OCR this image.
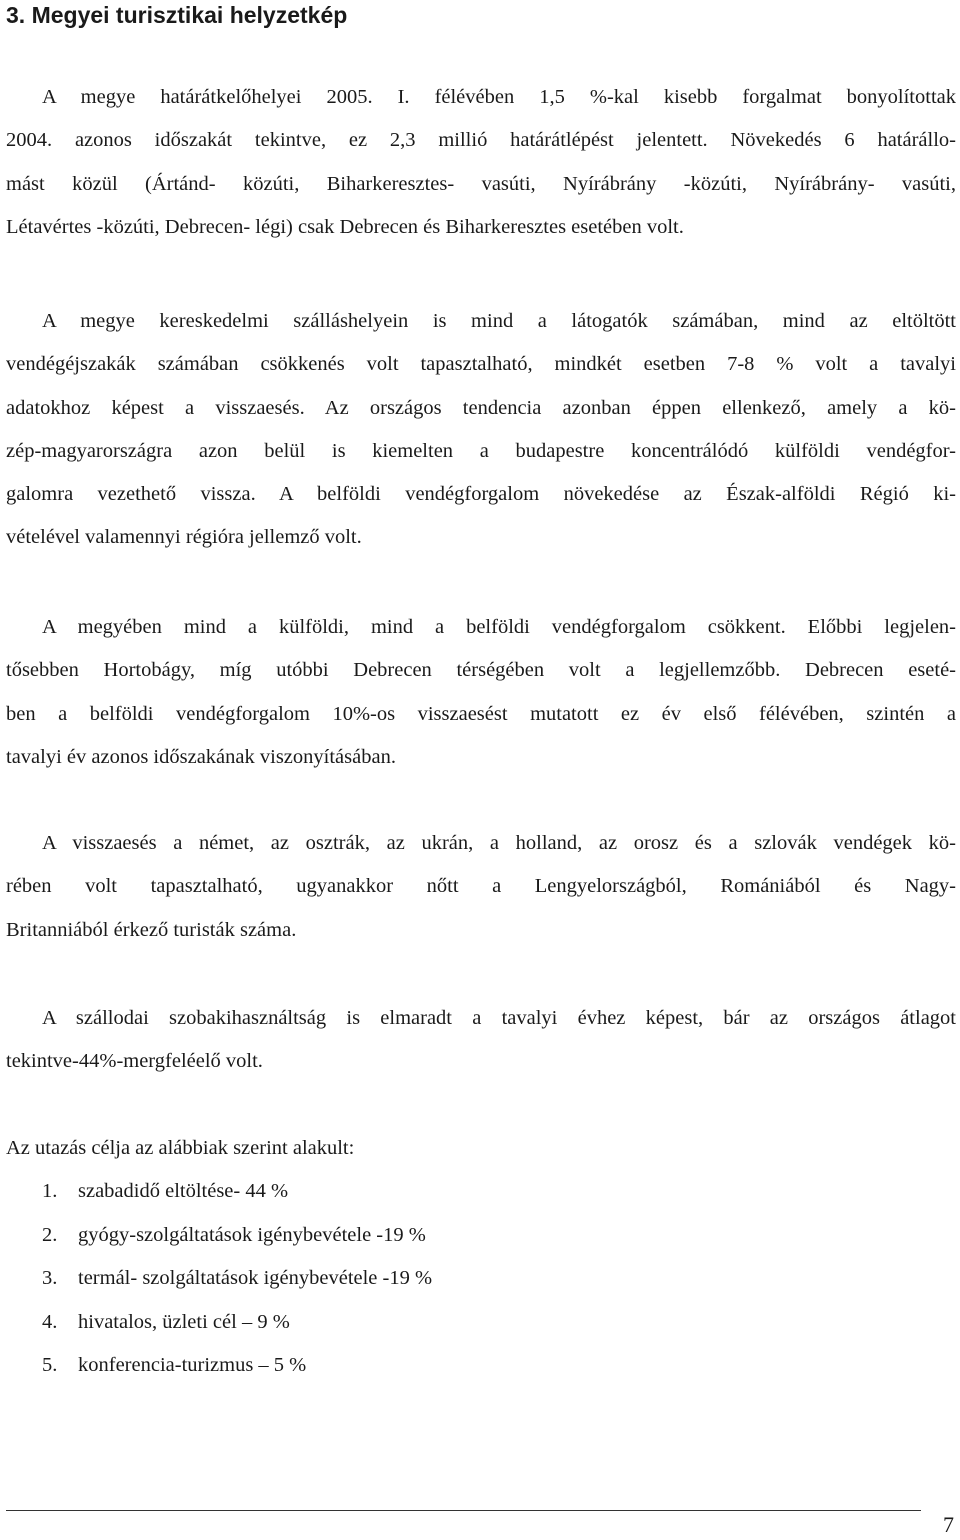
3. Megyei turisztikai helyzetkép
A megye határátkelőhelyei 2005. I. félévében 1,5 %-kal kisebb forgalmat bonyolítottak
2004. azonos időszakát tekintve, ez 2,3 millió határátlépést jelentett. Növekedés 6 határállo-
mást közül (Ártánd- közúti, Biharkeresztes- vasúti, Nyírábrány -közúti, Nyírábrány- vasúti,
Létavértes -közúti, Debrecen- légi) csak Debrecen és Biharkeresztes esetében volt.
A megye kereskedelmi szálláshelyein is mind a látogatók számában, mind az eltöltött
vendégéjszakák számában csökkenés volt tapasztalható, mindkét esetben 7-8 % volt a tavalyi
adatokhoz képest a visszaesés. Az országos tendencia azonban éppen ellenkező, amely a kö-
zép-magyarországra azon belül is kiemelten a budapestre koncentrálódó külföldi vendégfor-
galomra vezethető vissza. A belföldi vendégforgalom növekedése az Észak-alföldi Régió ki-
vételével valamennyi régióra jellemző volt.
A megyében mind a külföldi, mind a belföldi vendégforgalom csökkent. Előbbi legjelen-
tősebben Hortobágy, míg utóbbi Debrecen térségében volt a legjellemzőbb. Debrecen eseté-
ben a belföldi vendégforgalom 10%-os visszaesést mutatott ez év első félévében, szintén a
tavalyi év azonos időszakának viszonyításában.
A visszaesés a német, az osztrák, az ukrán, a holland, az orosz és a szlovák vendégek kö-
rében volt tapasztalható, ugyanakkor nőtt a Lengyelországból, Romániából és Nagy-
Britanniából érkező turisták száma.
A szállodai szobakihasználtság is elmaradt a tavalyi évhez képest, bár az országos átlagot
tekintve-44%-mergfeléelő volt.

Az utazás célja az alábbiak szerint alakult:

1. szabadidő eltöltése- 44 %
2. gyógy-szolgáltatások igénybevétele -19 %
3. termál- szolgáltatások igénybevétele -19 %
4. hivatalos, üzleti cél – 9 %
5. konferencia-turizmus – 5 %
7
